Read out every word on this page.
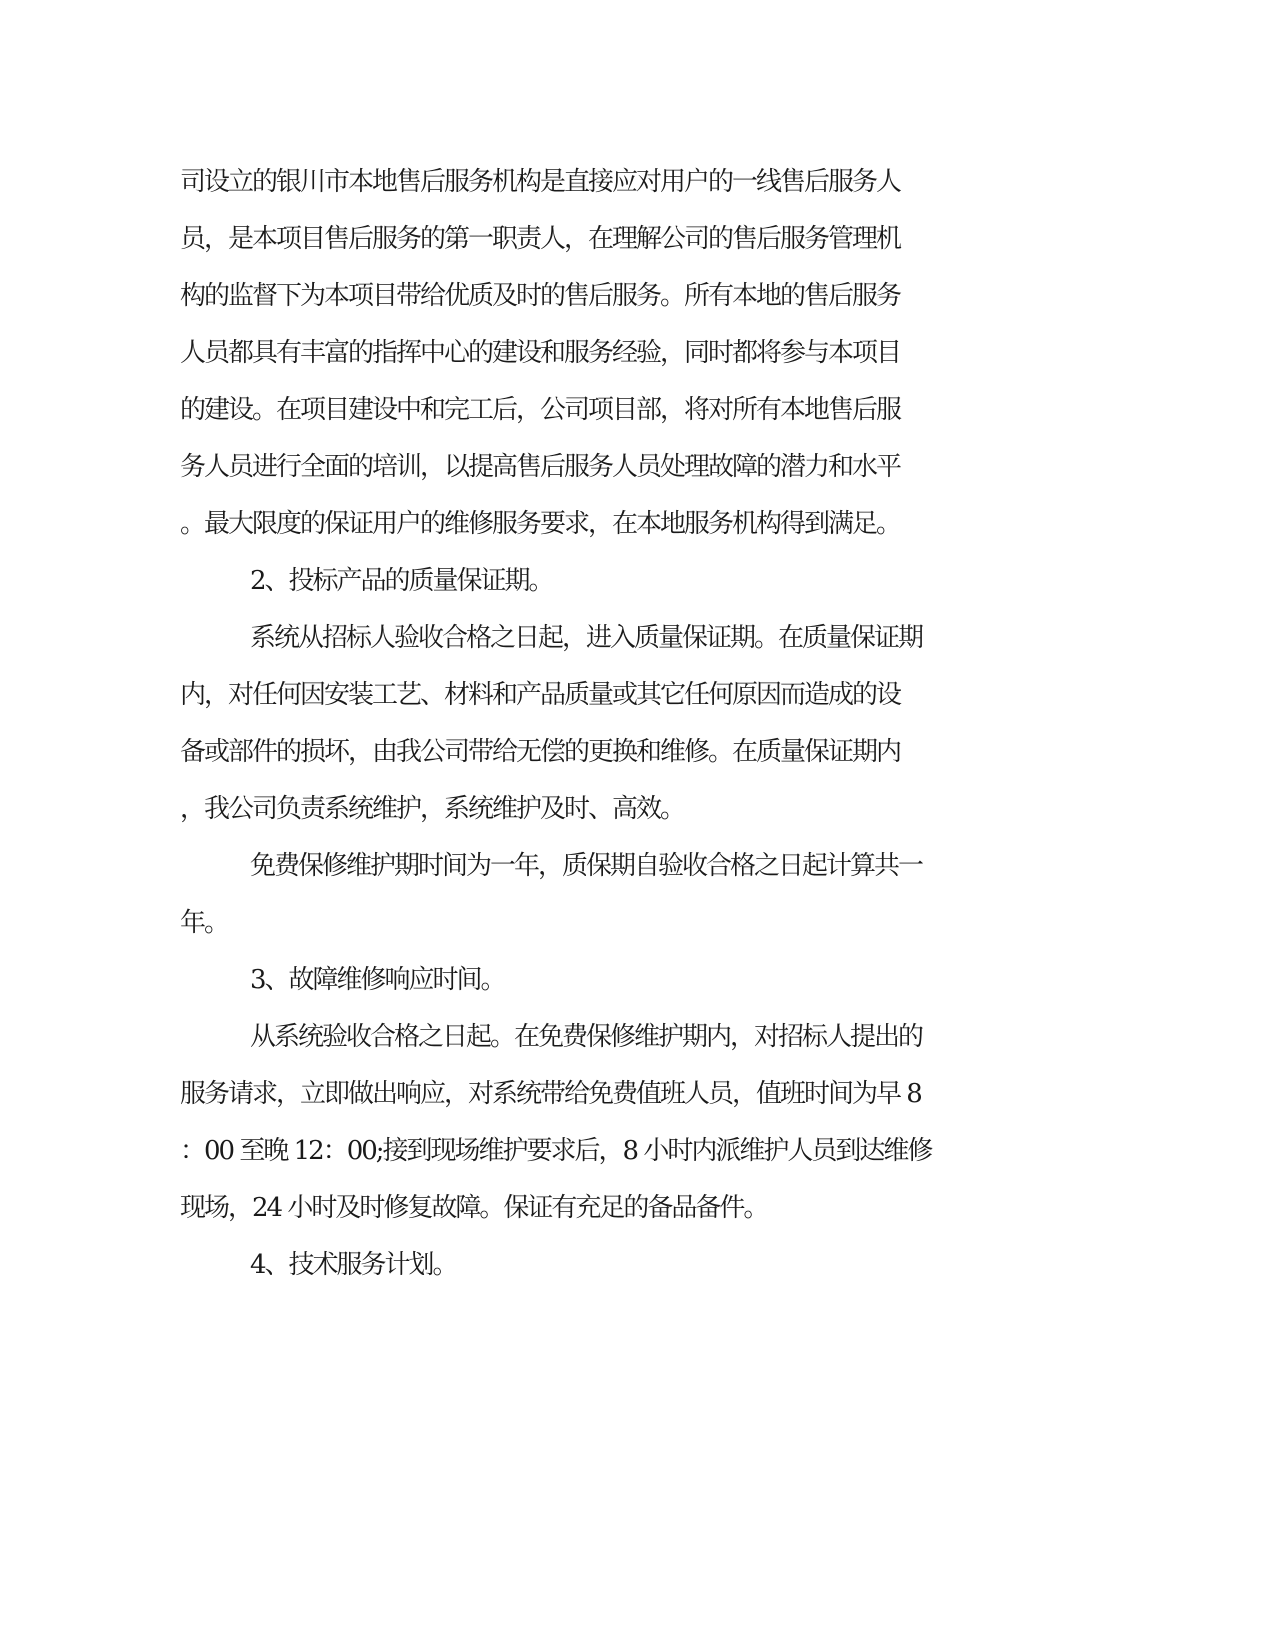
司设立的银川市本地售后服务机构是直接应对用户的一线售后服务人
员，是本项目售后服务的第一职责人，在理解公司的售后服务管理机
构的监督下为本项目带给优质及时的售后服务。所有本地的售后服务
人员都具有丰富的指挥中心的建设和服务经验，同时都将参与本项目
的建设。在项目建设中和完工后，公司项目部，将对所有本地售后服
务人员进行全面的培训，以提高售后服务人员处理故障的潜力和水平
。最大限度的保证用户的维修服务要求，在本地服务机构得到满足。
2、投标产品的质量保证期。
系统从招标人验收合格之日起，进入质量保证期。在质量保证期
内，对任何因安装工艺、材料和产品质量或其它任何原因而造成的设
备或部件的损坏，由我公司带给无偿的更换和维修。在质量保证期内
，我公司负责系统维护，系统维护及时、高效。
免费保修维护期时间为一年，质保期自验收合格之日起计算共一
年。
3、故障维修响应时间。
从系统验收合格之日起。在免费保修维护期内，对招标人提出的
服务请求，立即做出响应，对系统带给免费值班人员，值班时间为早 8
：00 至晚 12：00;接到现场维护要求后，8 小时内派维护人员到达维修
现场，24 小时及时修复故障。保证有充足的备品备件。
4、技术服务计划。
